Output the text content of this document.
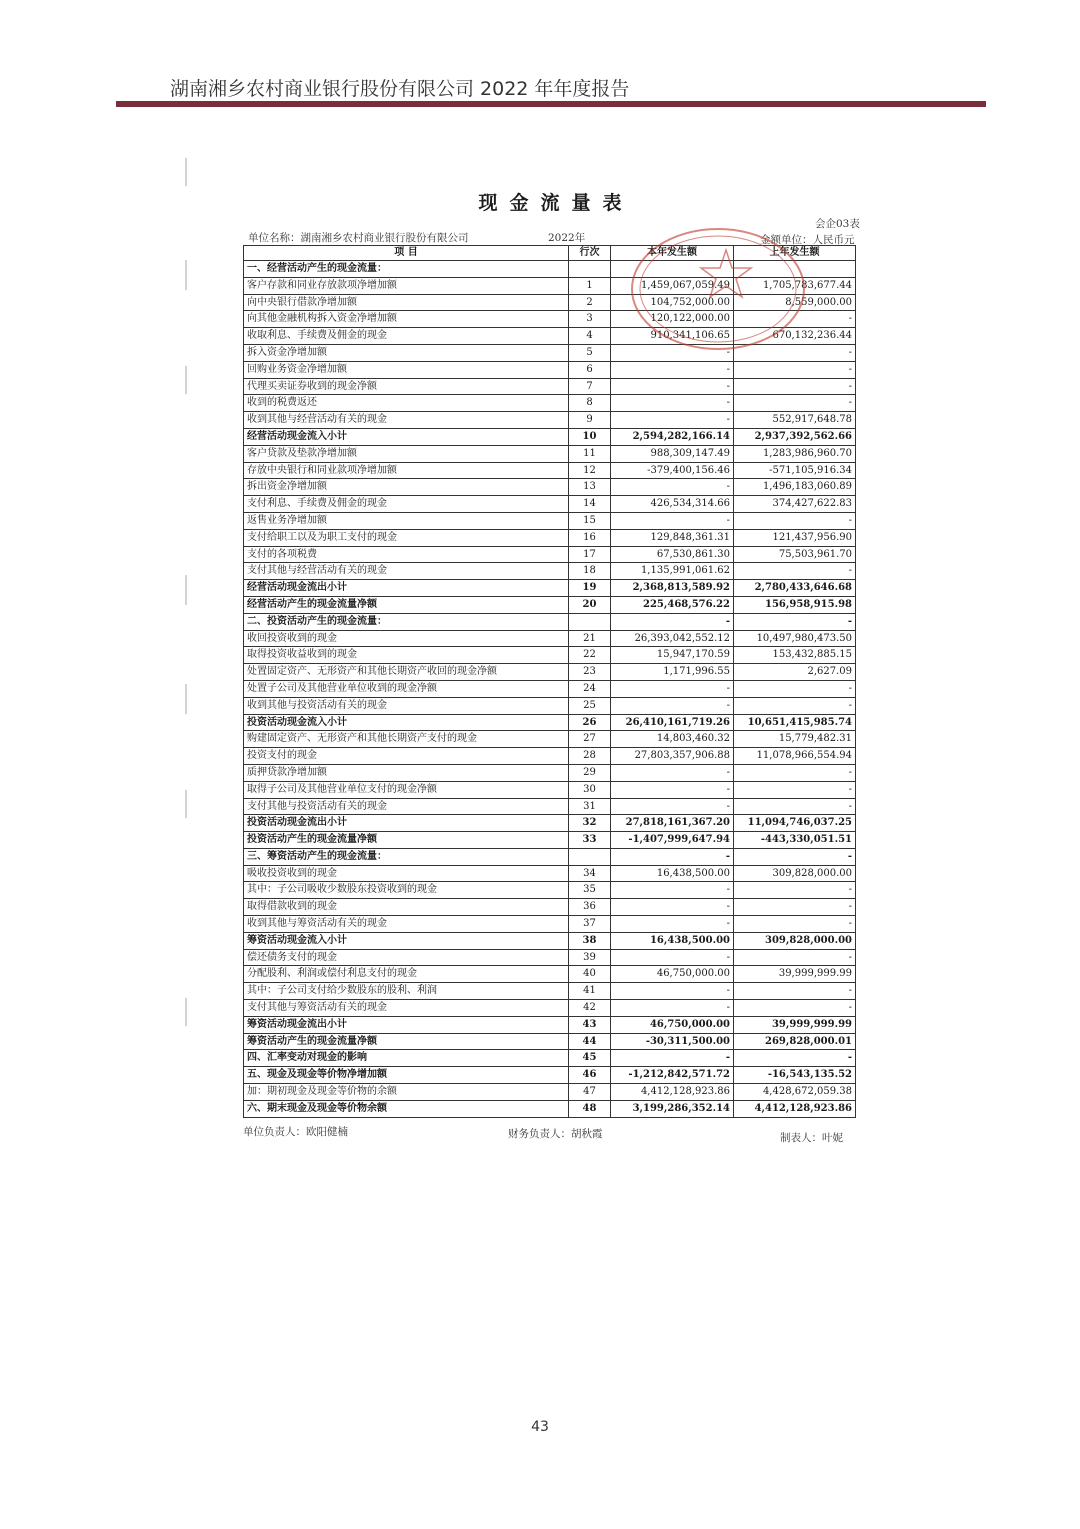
湖南湘乡农村商业银行股份有限公司 2022 年年度报告
现金流量表
会企03表
单位名称：湖南湘乡农村商业银行股份有限公司	2022年	金额单位：人民币元
项 目	行次	本年发生额	上年发生额
一、经营活动产生的现金流量：			
客户存款和同业存放款项净增加额	1	1,459,067,059.49	1,705,783,677.44
向中央银行借款净增加额	2	104,752,000.00	8,559,000.00
向其他金融机构拆入资金净增加额	3	120,122,000.00	-
收取利息、手续费及佣金的现金	4	910,341,106.65	670,132,236.44
拆入资金净增加额	5	-	-
回购业务资金净增加额	6	-	-
代理买卖证券收到的现金净额	7	-	-
收到的税费返还	8	-	-
收到其他与经营活动有关的现金	9	-	552,917,648.78
经营活动现金流入小计	10	2,594,282,166.14	2,937,392,562.66
客户贷款及垫款净增加额	11	988,309,147.49	1,283,986,960.70
存放中央银行和同业款项净增加额	12	-379,400,156.46	-571,105,916.34
拆出资金净增加额	13	-	1,496,183,060.89
支付利息、手续费及佣金的现金	14	426,534,314.66	374,427,622.83
返售业务净增加额	15	-	-
支付给职工以及为职工支付的现金	16	129,848,361.31	121,437,956.90
支付的各项税费	17	67,530,861.30	75,503,961.70
支付其他与经营活动有关的现金	18	1,135,991,061.62	-
经营活动现金流出小计	19	2,368,813,589.92	2,780,433,646.68
经营活动产生的现金流量净额	20	225,468,576.22	156,958,915.98
二、投资活动产生的现金流量：		-	-
收回投资收到的现金	21	26,393,042,552.12	10,497,980,473.50
取得投资收益收到的现金	22	15,947,170.59	153,432,885.15
处置固定资产、无形资产和其他长期资产收回的现金净额	23	1,171,996.55	2,627.09
处置子公司及其他营业单位收到的现金净额	24	-	-
收到其他与投资活动有关的现金	25	-	-
投资活动现金流入小计	26	26,410,161,719.26	10,651,415,985.74
购建固定资产、无形资产和其他长期资产支付的现金	27	14,803,460.32	15,779,482.31
投资支付的现金	28	27,803,357,906.88	11,078,966,554.94
质押贷款净增加额	29	-	-
取得子公司及其他营业单位支付的现金净额	30	-	-
支付其他与投资活动有关的现金	31	-	-
投资活动现金流出小计	32	27,818,161,367.20	11,094,746,037.25
投资活动产生的现金流量净额	33	-1,407,999,647.94	-443,330,051.51
三、筹资活动产生的现金流量：		-	-
吸收投资收到的现金	34	16,438,500.00	309,828,000.00
其中：子公司吸收少数股东投资收到的现金	35	-	-
取得借款收到的现金	36	-	-
收到其他与筹资活动有关的现金	37	-	-
筹资活动现金流入小计	38	16,438,500.00	309,828,000.00
偿还债务支付的现金	39	-	-
分配股利、利润或偿付利息支付的现金	40	46,750,000.00	39,999,999.99
其中：子公司支付给少数股东的股利、利润	41	-	-
支付其他与筹资活动有关的现金	42	-	-
筹资活动现金流出小计	43	46,750,000.00	39,999,999.99
筹资活动产生的现金流量净额	44	-30,311,500.00	269,828,000.01
四、汇率变动对现金的影响	45	-	-
五、现金及现金等价物净增加额	46	-1,212,842,571.72	-16,543,135.52
加：期初现金及现金等价物的余额	47	4,412,128,923.86	4,428,672,059.38
六、期末现金及现金等价物余额	48	3,199,286,352.14	4,412,128,923.86
单位负责人：欧阳健楠	财务负责人：胡秋霞	制表人：叶妮
43
